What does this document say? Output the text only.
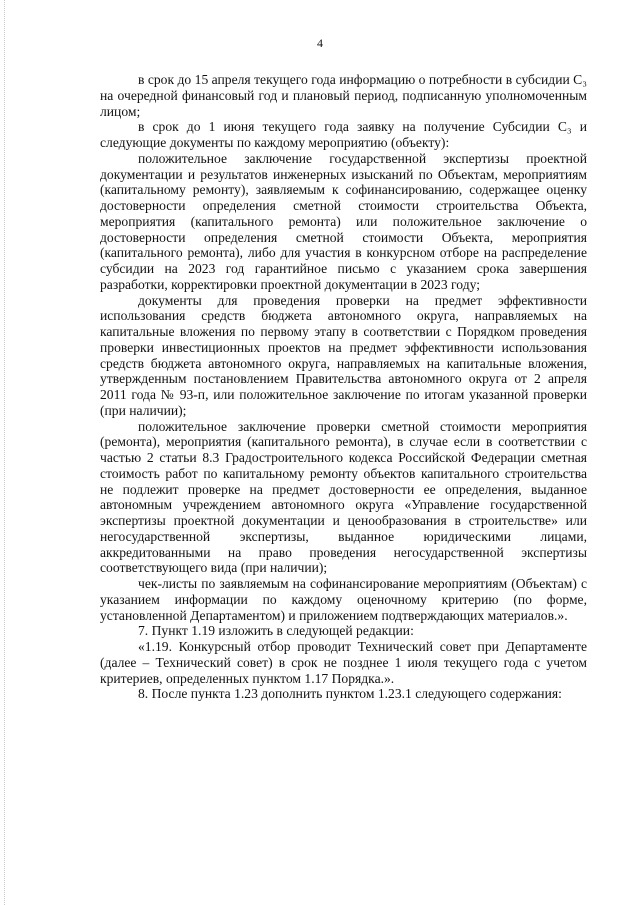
4

в срок до 15 апреля текущего года информацию о потребности в субсидии С₃ на очередной финансовый год и плановый период, подписанную уполномоченным лицом;

в срок до 1 июня текущего года заявку на получение Субсидии С₃ и следующие документы по каждому мероприятию (объекту):

положительное заключение государственной экспертизы проектной документации и результатов инженерных изысканий по Объектам, мероприятиям (капитальному ремонту), заявляемым к софинансированию, содержащее оценку достоверности определения сметной стоимости строительства Объекта, мероприятия (капитального ремонта) или положительное заключение о достоверности определения сметной стоимости Объекта, мероприятия (капитального ремонта), либо для участия в конкурсном отборе на распределение субсидии на 2023 год гарантийное письмо с указанием срока завершения разработки, корректировки проектной документации в 2023 году;

документы для проведения проверки на предмет эффективности использования средств бюджета автономного округа, направляемых на капитальные вложения по первому этапу в соответствии с Порядком проведения проверки инвестиционных проектов на предмет эффективности использования средств бюджета автономного округа, направляемых на капитальные вложения, утвержденным постановлением Правительства автономного округа от 2 апреля 2011 года № 93-п, или положительное заключение по итогам указанной проверки (при наличии);

положительное заключение проверки сметной стоимости мероприятия (ремонта), мероприятия (капитального ремонта), в случае если в соответствии с частью 2 статьи 8.3 Градостроительного кодекса Российской Федерации сметная стоимость работ по капитальному ремонту объектов капитального строительства не подлежит проверке на предмет достоверности ее определения, выданное автономным учреждением автономного округа «Управление государственной экспертизы проектной документации и ценообразования в строительстве» или негосударственной экспертизы, выданное юридическими лицами, аккредитованными на право проведения негосударственной экспертизы соответствующего вида (при наличии);

чек-листы по заявляемым на софинансирование мероприятиям (Объектам) с указанием информации по каждому оценочному критерию (по форме, установленной Департаментом) и приложением подтверждающих материалов.».

7. Пункт 1.19 изложить в следующей редакции:

«1.19. Конкурсный отбор проводит Технический совет при Департаменте (далее – Технический совет) в срок не позднее 1 июля текущего года с учетом критериев, определенных пунктом 1.17 Порядка.».

8. После пункта 1.23 дополнить пунктом 1.23.1 следующего содержания:
